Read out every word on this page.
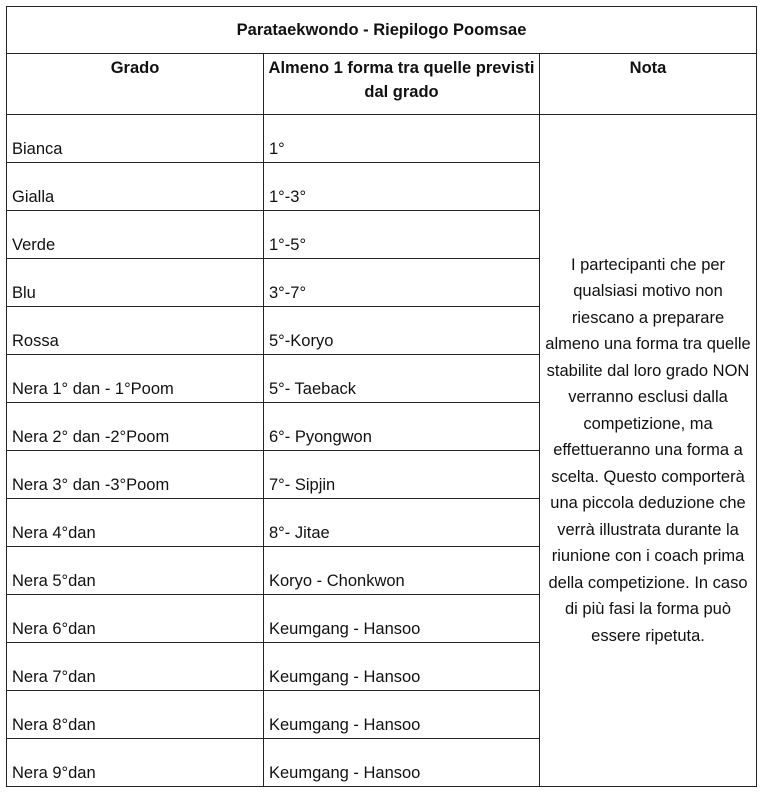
Parataekwondo - Riepilogo Poomsae		

Grado	Almeno 1 forma tra quelle previsti dal grado	Nota

Bianca	1°	I partecipanti che per qualsiasi motivo non riescano a preparare almeno una forma tra quelle stabilite dal loro grado NON verranno esclusi dalla competizione, ma effettueranno una forma a scelta. Questo comporterà una piccola deduzione che verrà illustrata durante la riunione con i coach prima della competizione. In caso di più fasi la forma può essere ripetuta.
Gialla	1°-3°	
Verde	1°-5°	
Blu	3°-7°	
Rossa	5°-Koryo	
Nera 1° dan - 1°Poom	5°- Taeback	
Nera 2° dan -2°Poom	6°- Pyongwon	
Nera 3° dan -3°Poom	7°- Sipjin	
Nera 4°dan	8°- Jitae	
Nera 5°dan	Koryo - Chonkwon	
Nera 6°dan	Keumgang - Hansoo	
Nera 7°dan	Keumgang - Hansoo	
Nera 8°dan	Keumgang - Hansoo	
Nera 9°dan	Keumgang - Hansoo	
